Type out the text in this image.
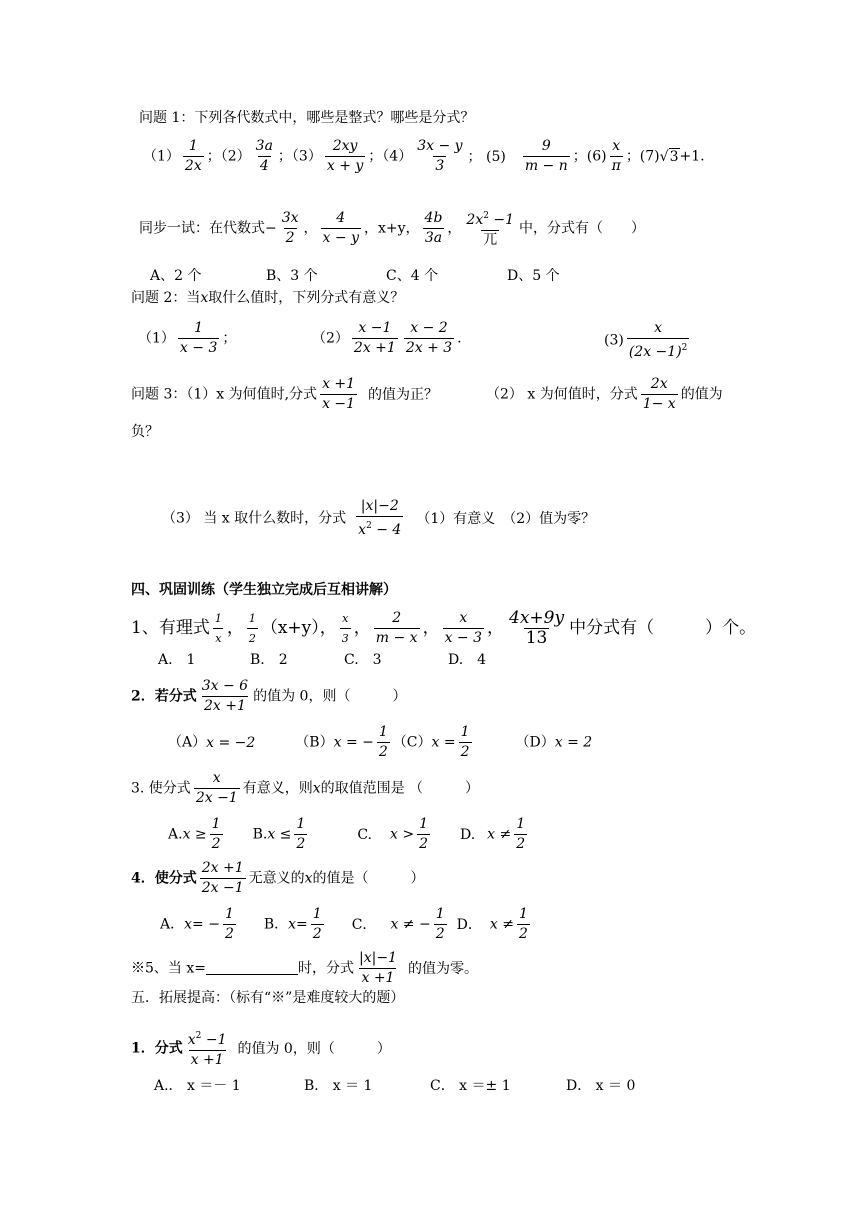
问题 1：下列各代数式中，哪些是整式？哪些是分式？
$(1) \frac{1}{2x}$ ；$(2) \frac{3a}{4}$ ；$(3) \frac{2xy}{x + y}$ ；$(4) \frac{3x - y}{3}$ ； $(5) \frac{9}{m - n}$ ；$(6) \frac{x}{\pi}$ ；(7)√3+1.
同步一试：在代数式− $\frac{3x}{2}$ ， $\frac{4}{x - y}$ ，x+y， $\frac{4b}{3a}$ ， $\frac{2x^2 -1}{\text{兀}}$ 中，分式有（　　）
A、2 个	B、3 个	C、4 个	D、5 个
问题 2：当x取什么值时，下列分式有意义？
$(1) \frac{1}{x - 3}$ ；	$(2) \frac{x -1}{2x +1} \frac{x - 2}{2x + 3}$ .	$(3) \frac{x}{(2x -1)^2}$
问题 3：（1）x 为何值时,分式 $\frac{x +1}{x -1}$ 的值为正？	（2） x 为何值时，分式 $\frac{2x}{1- x}$ 的值为
负？
（3） 当 x 取什么数时，分式 $\frac{|x|-2}{x^2 - 4} (1)$有意义　（2）值为零？
四、巩固训练（学生独立完成后互相讲解）
1、有理式 $\frac{1}{x}$ ， $\frac{1}{2} (x+y)$， $\frac{x}{3}$ ， $\frac{2}{m - x}$ ， $\frac{x}{x - 3}$ ， $\frac{4x+9y}{13}$ 中分式有（　　　）个。
A.　1	B.　2	C.　3	D.　4
2．若分式 $\frac{3x - 6}{2x +1}$ 的值为 0，则（　　　）
（A）x = −2	（B）x = − $\frac{1}{2} (C)x = \frac{1}{2}$	（D）x = 2
3. 使分式 $\frac{x}{2x -1}$ 有意义，则x的取值范围是 （　　　）
$A.x \ge \frac{1}{2} B.x \le \frac{1}{2}$	C. $x > \frac{1}{2} D$. $x \ne \frac{1}{2}$
4．使分式 $\frac{2x +1}{2x -1}$ 无意义的x的值是（　　　）
A．$x= - \frac{1}{2}$ B．$x= \frac{1}{2}$ C． x ≠ − $\frac{1}{2}$ D． $x \ne \frac{1}{2}$
※5、当 x=	时，分式 $\frac{|x|-1}{x +1}$ 的值为零。
五．拓展提高：（标有“※”是难度较大的题）
1．分式 $\frac{x^2 -1}{x +1}$ 的值为 0，则（　　　）
A.． x ＝－ 1	B． x ＝ 1	C． x ＝± 1	D． x ＝ 0
